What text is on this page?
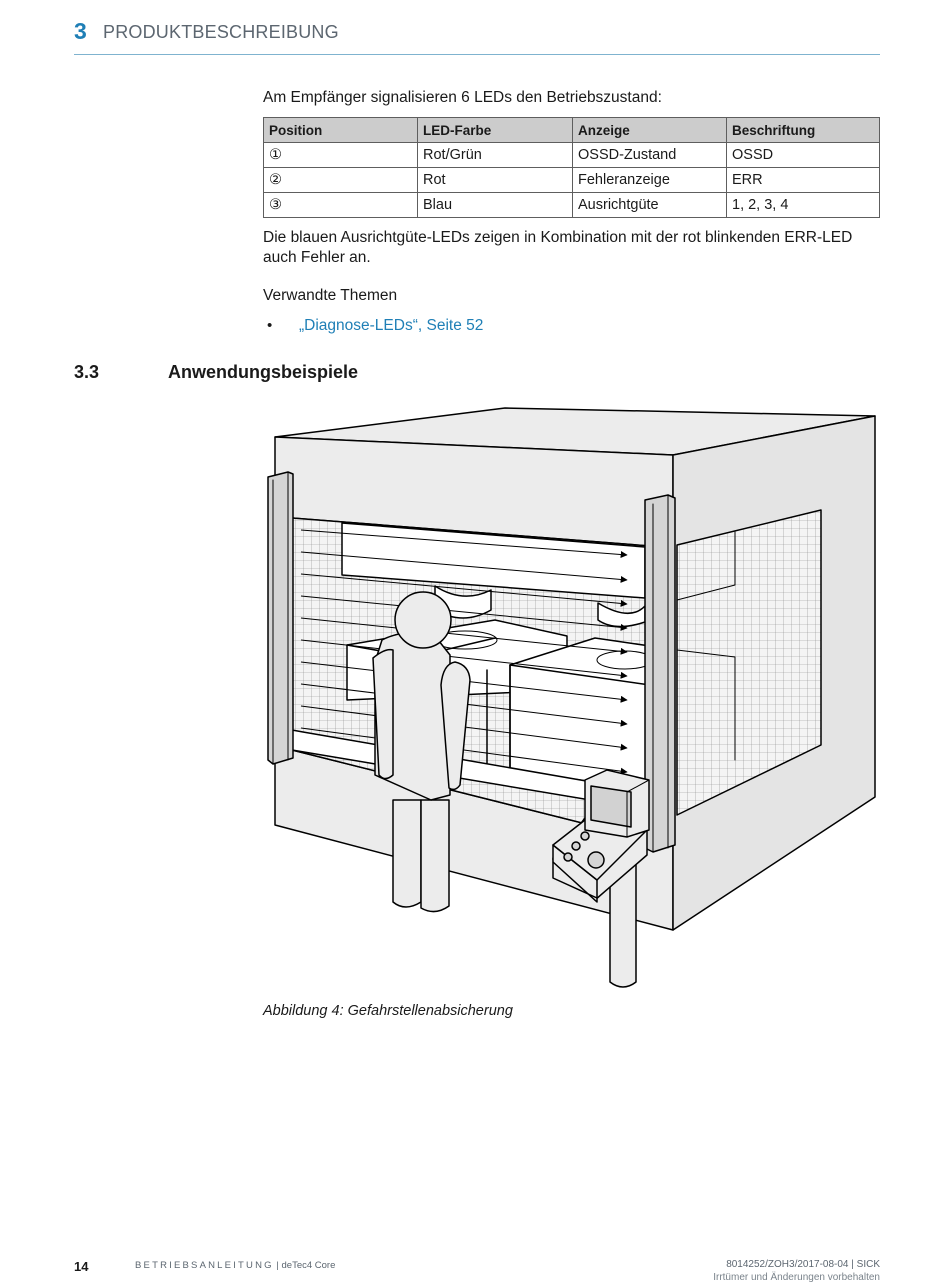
3 PRODUKTBESCHREIBUNG
Am Empfänger signalisieren 6 LEDs den Betriebszustand:
Position	LED-Farbe	Anzeige	Beschriftung
①	Rot/Grün	OSSD-Zustand	OSSD
②	Rot	Fehleranzeige	ERR
③	Blau	Ausrichtgüte	1, 2, 3, 4
Die blauen Ausrichtgüte-LEDs zeigen in Kombination mit der rot blinkenden ERR-LED auch Fehler an.
Verwandte Themen
• „Diagnose-LEDs“, Seite 52
3.3	Anwendungsbeispiele
Abbildung 4: Gefahrstellenabsicherung
14	BETRIEBSANLEITUNG | deTec4 Core	8014252/ZOH3/2017-08-04 | SICK
Irrtümer und Änderungen vorbehalten
